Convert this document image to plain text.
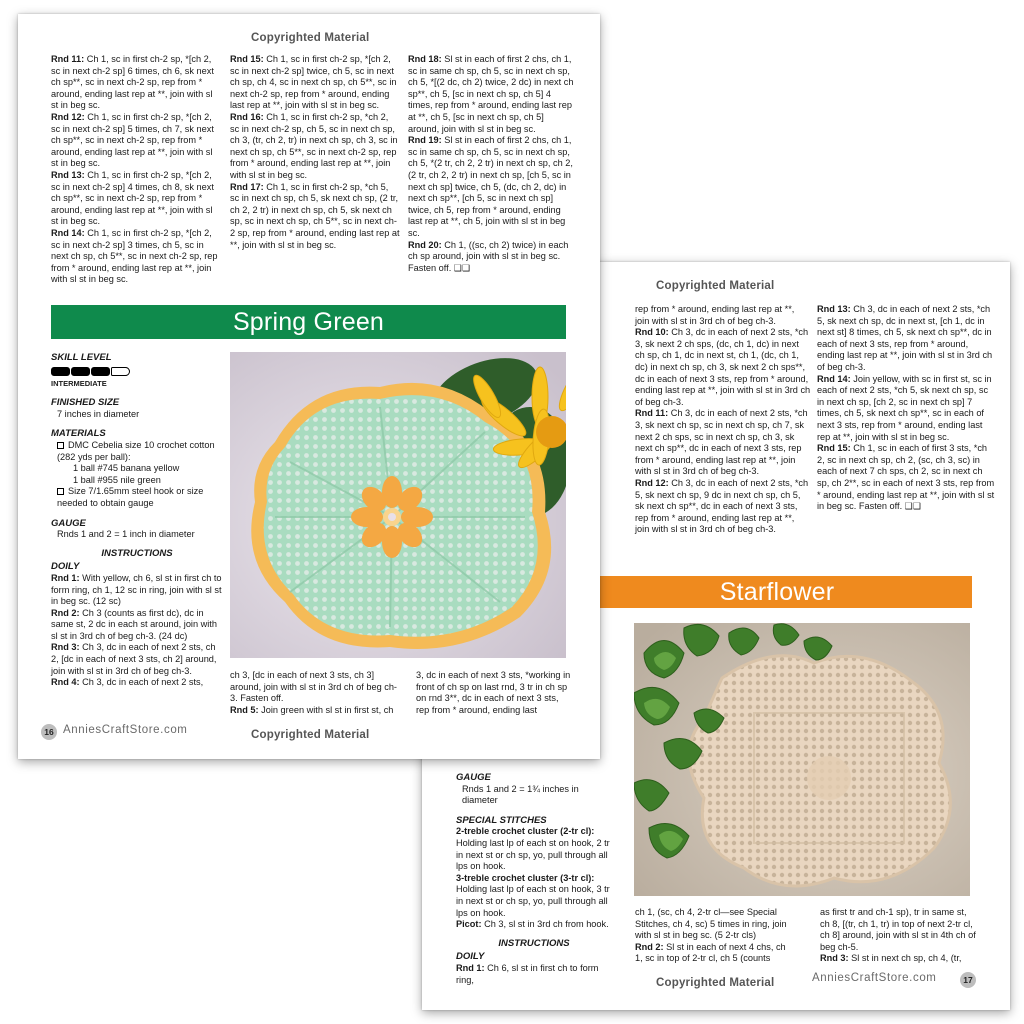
Copyrighted Material

rep from * around, ending last rep at **, join with sl st in 3rd ch of beg ch-3.

Rnd 10: Ch 3, dc in each of next 2 sts, *ch 3, sk next 2 ch sps, (dc, ch 1, dc) in next ch sp, ch 1, dc in next st, ch 1, (dc, ch 1, dc) in next ch sp, ch 3, sk next 2 ch sps**, dc in each of next 3 sts, rep from * around, ending last rep at **, join with sl st in 3rd ch of beg ch-3.

Rnd 11: Ch 3, dc in each of next 2 sts, *ch 3, sk next ch sp, sc in next ch sp, ch 7, sk next 2 ch sps, sc in next ch sp, ch 3, sk next ch sp**, dc in each of next 3 sts, rep from * around, ending last rep at **, join with sl st in 3rd ch of beg ch-3.

Rnd 12: Ch 3, dc in each of next 2 sts, *ch 5, sk next ch sp, 9 dc in next ch sp, ch 5, sk next ch sp**, dc in each of next 3 sts, rep from * around, ending last rep at **, join with sl st in 3rd ch of beg ch-3.

Rnd 13: Ch 3, dc in each of next 2 sts, *ch 5, sk next ch sp, dc in next st, [ch 1, dc in next st] 8 times, ch 5, sk next ch sp**, dc in each of next 3 sts, rep from * around, ending last rep at **, join with sl st in 3rd ch of beg ch-3.

Rnd 14: Join yellow, with sc in first st, sc in each of next 2 sts, *ch 5, sk next ch sp, sc in next ch sp, [ch 2, sc in next ch sp] 7 times, ch 5, sk next ch sp**, sc in each of next 3 sts, rep from * around, ending last rep at **, join with sl st in beg sc.

Rnd 15: Ch 1, sc in each of first 3 sts, *ch 2, sc in next ch sp, ch 2, (sc, ch 3, sc) in each of next 7 ch sps, ch 2, sc in next ch sp, ch 2**, sc in each of next 3 sts, rep from * around, ending last rep at **, join with sl st in beg sc. Fasten off. ❑❑

Starflower
GAUGE
Rnds 1 and 2 = 1¾ inches in diameter
SPECIAL STITCHES

2-treble crochet cluster (2-tr cl): Holding last lp of each st on hook, 2 tr in next st or ch sp, yo, pull through all lps on hook.

3-treble crochet cluster (3-tr cl): Holding last lp of each st on hook, 3 tr in next st or ch sp, yo, pull through all lps on hook.

Picot: Ch 3, sl st in 3rd ch from hook.

INSTRUCTIONS
DOILY

Rnd 1: Ch 6, sl st in first ch to form ring,

ch 1, (sc, ch 4, 2-tr cl—see Special Stitches, ch 4, sc) 5 times in ring, join with sl st in beg sc. (5 2-tr cls)

Rnd 2: Sl st in each of next 4 chs, ch 1, sc in top of 2-tr cl, ch 5 (counts

as first tr and ch-1 sp), tr in same st, ch 8, [(tr, ch 1, tr) in top of next 2-tr cl, ch 8] around, join with sl st in 4th ch of beg ch-5.

Rnd 3: Sl st in next ch sp, ch 4, (tr,

Copyrighted Material	AnniesCraftStore.com	17
Copyrighted Material

Rnd 11: Ch 1, sc in first ch-2 sp, *[ch 2, sc in next ch-2 sp] 6 times, ch 6, sk next ch sp**, sc in next ch-2 sp, rep from * around, ending last rep at **, join with sl st in beg sc.

Rnd 12: Ch 1, sc in first ch-2 sp, *[ch 2, sc in next ch-2 sp] 5 times, ch 7, sk next ch sp**, sc in next ch-2 sp, rep from * around, ending last rep at **, join with sl st in beg sc.

Rnd 13: Ch 1, sc in first ch-2 sp, *[ch 2, sc in next ch-2 sp] 4 times, ch 8, sk next ch sp**, sc in next ch-2 sp, rep from * around, ending last rep at **, join with sl st in beg sc.

Rnd 14: Ch 1, sc in first ch-2 sp, *[ch 2, sc in next ch-2 sp] 3 times, ch 5, sc in next ch sp, ch 5**, sc in next ch-2 sp, rep from * around, ending last rep at **, join with sl st in beg sc.

Rnd 15: Ch 1, sc in first ch-2 sp, *[ch 2, sc in next ch-2 sp] twice, ch 5, sc in next ch sp, ch 4, sc in next ch sp, ch 5**, sc in next ch-2 sp, rep from * around, ending last rep at **, join with sl st in beg sc.

Rnd 16: Ch 1, sc in first ch-2 sp, *ch 2, sc in next ch-2 sp, ch 5, sc in next ch sp, ch 3, (tr, ch 2, tr) in next ch sp, ch 3, sc in next ch sp, ch 5**, sc in next ch-2 sp, rep from * around, ending last rep at **, join with sl st in beg sc.

Rnd 17: Ch 1, sc in first ch-2 sp, *ch 5, sc in next ch sp, ch 5, sk next ch sp, (2 tr, ch 2, 2 tr) in next ch sp, ch 5, sk next ch sp, sc in next ch sp, ch 5**, sc in next ch-2 sp, rep from * around, ending last rep at **, join with sl st in beg sc.

Rnd 18: Sl st in each of first 2 chs, ch 1, sc in same ch sp, ch 5, sc in next ch sp, ch 5, *[(2 dc, ch 2) twice, 2 dc) in next ch sp**, ch 5, [sc in next ch sp, ch 5] 4 times, rep from * around, ending last rep at **, ch 5, [sc in next ch sp, ch 5] around, join with sl st in beg sc.

Rnd 19: Sl st in each of first 2 chs, ch 1, sc in same ch sp, ch 5, sc in next ch sp, ch 5, *(2 tr, ch 2, 2 tr) in next ch sp, ch 2, (2 tr, ch 2, 2 tr) in next ch sp, [ch 5, sc in next ch sp] twice, ch 5, (dc, ch 2, dc) in next ch sp**, [ch 5, sc in next ch sp] twice, ch 5, rep from * around, ending last rep at **, ch 5, join with sl st in beg sc.

Rnd 20: Ch 1, ((sc, ch 2) twice) in each ch sp around, join with sl st in beg sc. Fasten off. ❑❑

Spring Green
SKILL LEVEL
INTERMEDIATE
FINISHED SIZE
7 inches in diameter
MATERIALS
DMC Cebelia size 10 crochet cotton (282 yds per ball):
1 ball #745 banana yellow
1 ball #955 nile green
Size 7/1.65mm steel hook or size needed to obtain gauge
GAUGE
Rnds 1 and 2 = 1 inch in diameter
INSTRUCTIONS
DOILY

Rnd 1: With yellow, ch 6, sl st in first ch to form ring, ch 1, 12 sc in ring, join with sl st in beg sc. (12 sc)

Rnd 2: Ch 3 (counts as first dc), dc in same st, 2 dc in each st around, join with sl st in 3rd ch of beg ch-3. (24 dc)

Rnd 3: Ch 3, dc in each of next 2 sts, ch 2, [dc in each of next 3 sts, ch 2] around, join with sl st in 3rd ch of beg ch-3.

Rnd 4: Ch 3, dc in each of next 2 sts,

ch 3, [dc in each of next 3 sts, ch 3] around, join with sl st in 3rd ch of beg ch-3. Fasten off.

Rnd 5: Join green with sl st in first st, ch

3, dc in each of next 3 sts, *working in front of ch sp on last rnd, 3 tr in ch sp on rnd 3**, dc in each of next 3 sts, rep from * around, ending last

16 AnniesCraftStore.com	Copyrighted Material
